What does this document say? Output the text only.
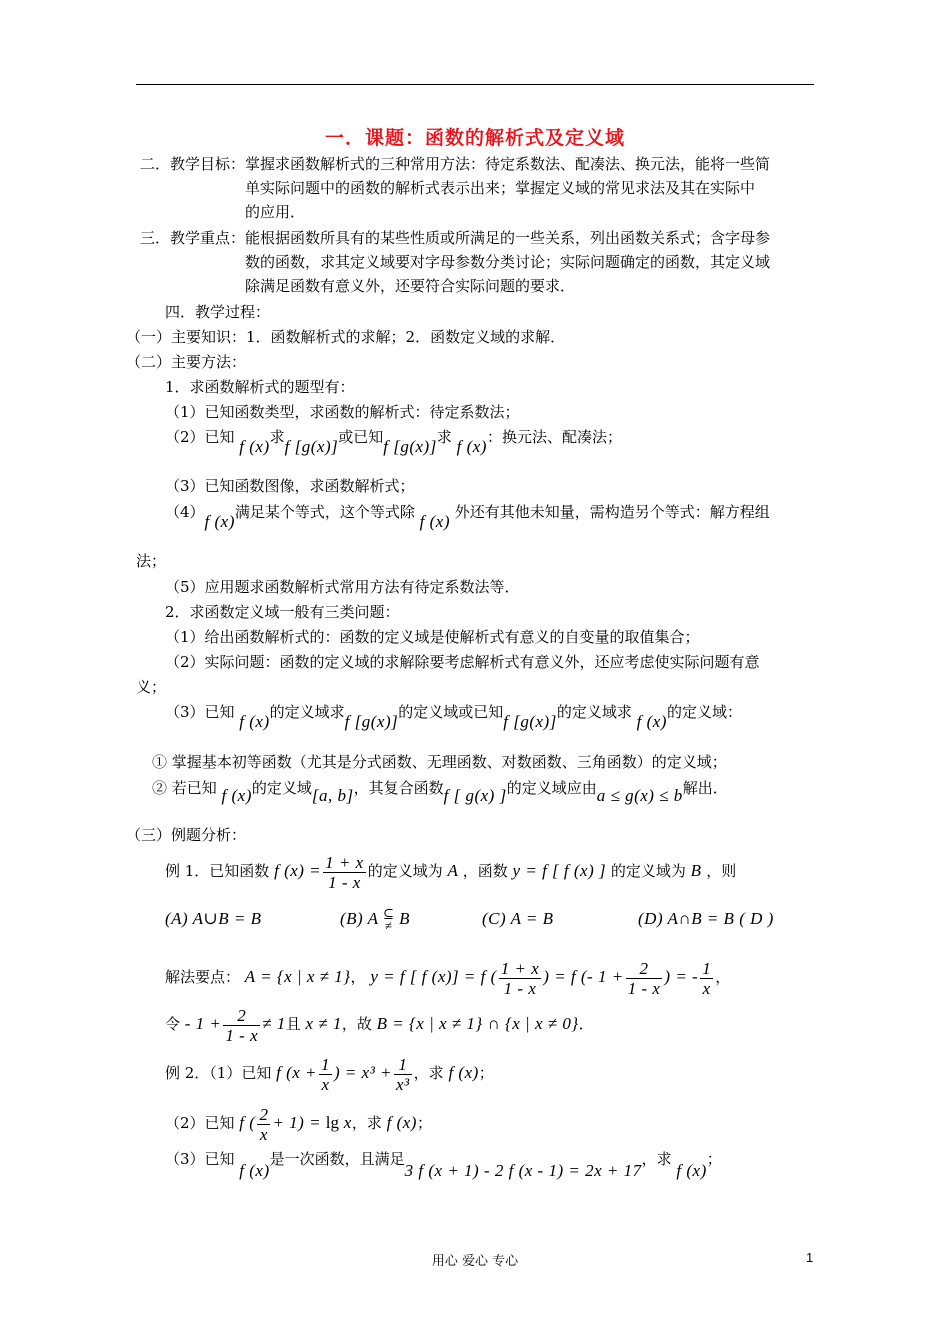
一．课题：函数的解析式及定义域
二．教学目标： 掌握求函数解析式的三种常用方法：待定系数法、配凑法、换元法，能将一些简
单实际问题中的函数的解析式表示出来；掌握定义域的常见求法及其在实际中
的应用．
三．教学重点： 能根据函数所具有的某些性质或所满足的一些关系，列出函数关系式；含字母参
数的函数，求其定义域要对字母参数分类讨论；实际问题确定的函数，其定义域
除满足函数有意义外，还要符合实际问题的要求．
四．教学过程：
（一）主要知识：1．函数解析式的求解；2．函数定义域的求解．
（二）主要方法：
1．求函数解析式的题型有：
（1）已知函数类型，求函数的解析式：待定系数法；
（2）已知 f (x)求f [g(x)]或已知f [g(x)]求 f (x)：换元法、配凑法；
（3）已知函数图像，求函数解析式；
（4）f (x)满足某个等式，这个等式除 f (x) 外还有其他未知量，需构造另个等式：解方程组
法；
（5）应用题求函数解析式常用方法有待定系数法等．
2．求函数定义域一般有三类问题：
（1）给出函数解析式的：函数的定义域是使解析式有意义的自变量的取值集合；
（2）实际问题：函数的定义域的求解除要考虑解析式有意义外，还应考虑使实际问题有意
义；
（3）已知 f (x)的定义域求f [g(x)]的定义域或已知f [g(x)]的定义域求 f (x)的定义域：
① 掌握基本初等函数（尤其是分式函数、无理函数、对数函数、三角函数）的定义域；
② 若已知 f (x)的定义域[a, b]，其复合函数f [ g(x) ]的定义域应由a ≤ g(x) ≤ b解出．
（三）例题分析：
例 1．已知函数 f $(x) = \frac{1 + x}{1 - x}$ 的定义域为 A ，函数 y = f [ f (x) ] 的定义域为 B ，则
(A) A∪B = B	(B) A ⊆
≠ B	(C) A = B	(D) A∩B = B ( D )
解法要点： A = {x | x ≠ 1}， y = f [ f (x)] = f ( $\frac{1 + x}{1 - x}$ ) = f (- $1 + \frac{2}{1 - x}$ ) = - $\frac{1}{x}$ ，
令 - $1 + \frac{2}{1 - x} \ne 1$且 x ≠ 1，故 B = {x | x ≠ 1} ∩ {x | x ≠ 0}．
例 2．（1）已知 f ($x + \frac{1}{x}$ ) = $x^3 + \frac{1}{\text{x³}}$ ，求 f (x)；
（2）已知 f ( $\frac{2}{x} + 1) = \lg x$，求 f (x)；
（3）已知 f (x)是一次函数，且满足3 f (x + 1) - 2 f (x - 1) = 2x + 17，求 f (x)；
用心 爱心 专心	1
